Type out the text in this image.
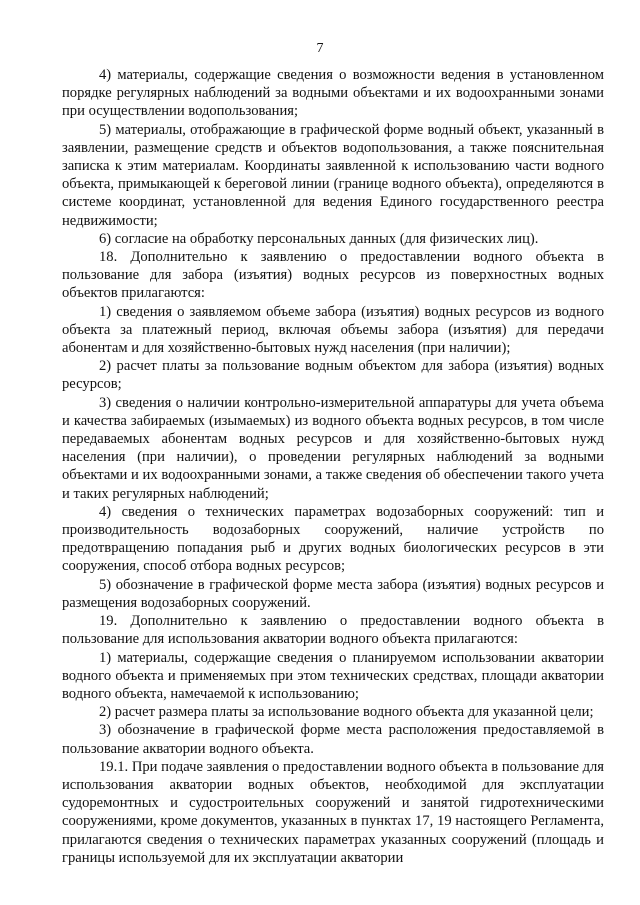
7

4) материалы, содержащие сведения о возможности ведения в установленном порядке регулярных наблюдений за водными объектами и их водоохранными зонами при осуществлении водопользования;

5) материалы, отображающие в графической форме водный объект, указанный в заявлении, размещение средств и объектов водопользования, а также пояснительная записка к этим материалам. Координаты заявленной к использованию части водного объекта, примыкающей к береговой линии (границе водного объекта), определяются в системе координат, установленной для ведения Единого государственного реестра недвижимости;

6) согласие на обработку персональных данных (для физических лиц).

18. Дополнительно к заявлению о предоставлении водного объекта в пользование для забора (изъятия) водных ресурсов из поверхностных водных объектов прилагаются:

1) сведения о заявляемом объеме забора (изъятия) водных ресурсов из водного объекта за платежный период, включая объемы забора (изъятия) для передачи абонентам и для хозяйственно-бытовых нужд населения (при наличии);

2) расчет платы за пользование водным объектом для забора (изъятия) водных ресурсов;

3) сведения о наличии контрольно-измерительной аппаратуры для учета объема и качества забираемых (изымаемых) из водного объекта водных ресурсов, в том числе передаваемых абонентам водных ресурсов и для хозяйственно-бытовых нужд населения (при наличии), о проведении регулярных наблюдений за водными объектами и их водоохранными зонами, а также сведения об обеспечении такого учета и таких регулярных наблюдений;

4) сведения о технических параметрах водозаборных сооружений: тип и производительность водозаборных сооружений, наличие устройств по предотвращению попадания рыб и других водных биологических ресурсов в эти сооружения, способ отбора водных ресурсов;

5) обозначение в графической форме места забора (изъятия) водных ресурсов и размещения водозаборных сооружений.

19. Дополнительно к заявлению о предоставлении водного объекта в пользование для использования акватории водного объекта прилагаются:

1) материалы, содержащие сведения о планируемом использовании акватории водного объекта и применяемых при этом технических средствах, площади акватории водного объекта, намечаемой к использованию;

2) расчет размера платы за использование водного объекта для указанной цели;

3) обозначение в графической форме места расположения предоставляемой в пользование акватории водного объекта.

19.1. При подаче заявления о предоставлении водного объекта в пользование для использования акватории водных объектов, необходимой для эксплуатации судоремонтных и судостроительных сооружений и занятой гидротехническими сооружениями, кроме документов, указанных в пунктах 17, 19 настоящего Регламента, прилагаются сведения о технических параметрах указанных сооружений (площадь и границы используемой для их эксплуатации акватории
